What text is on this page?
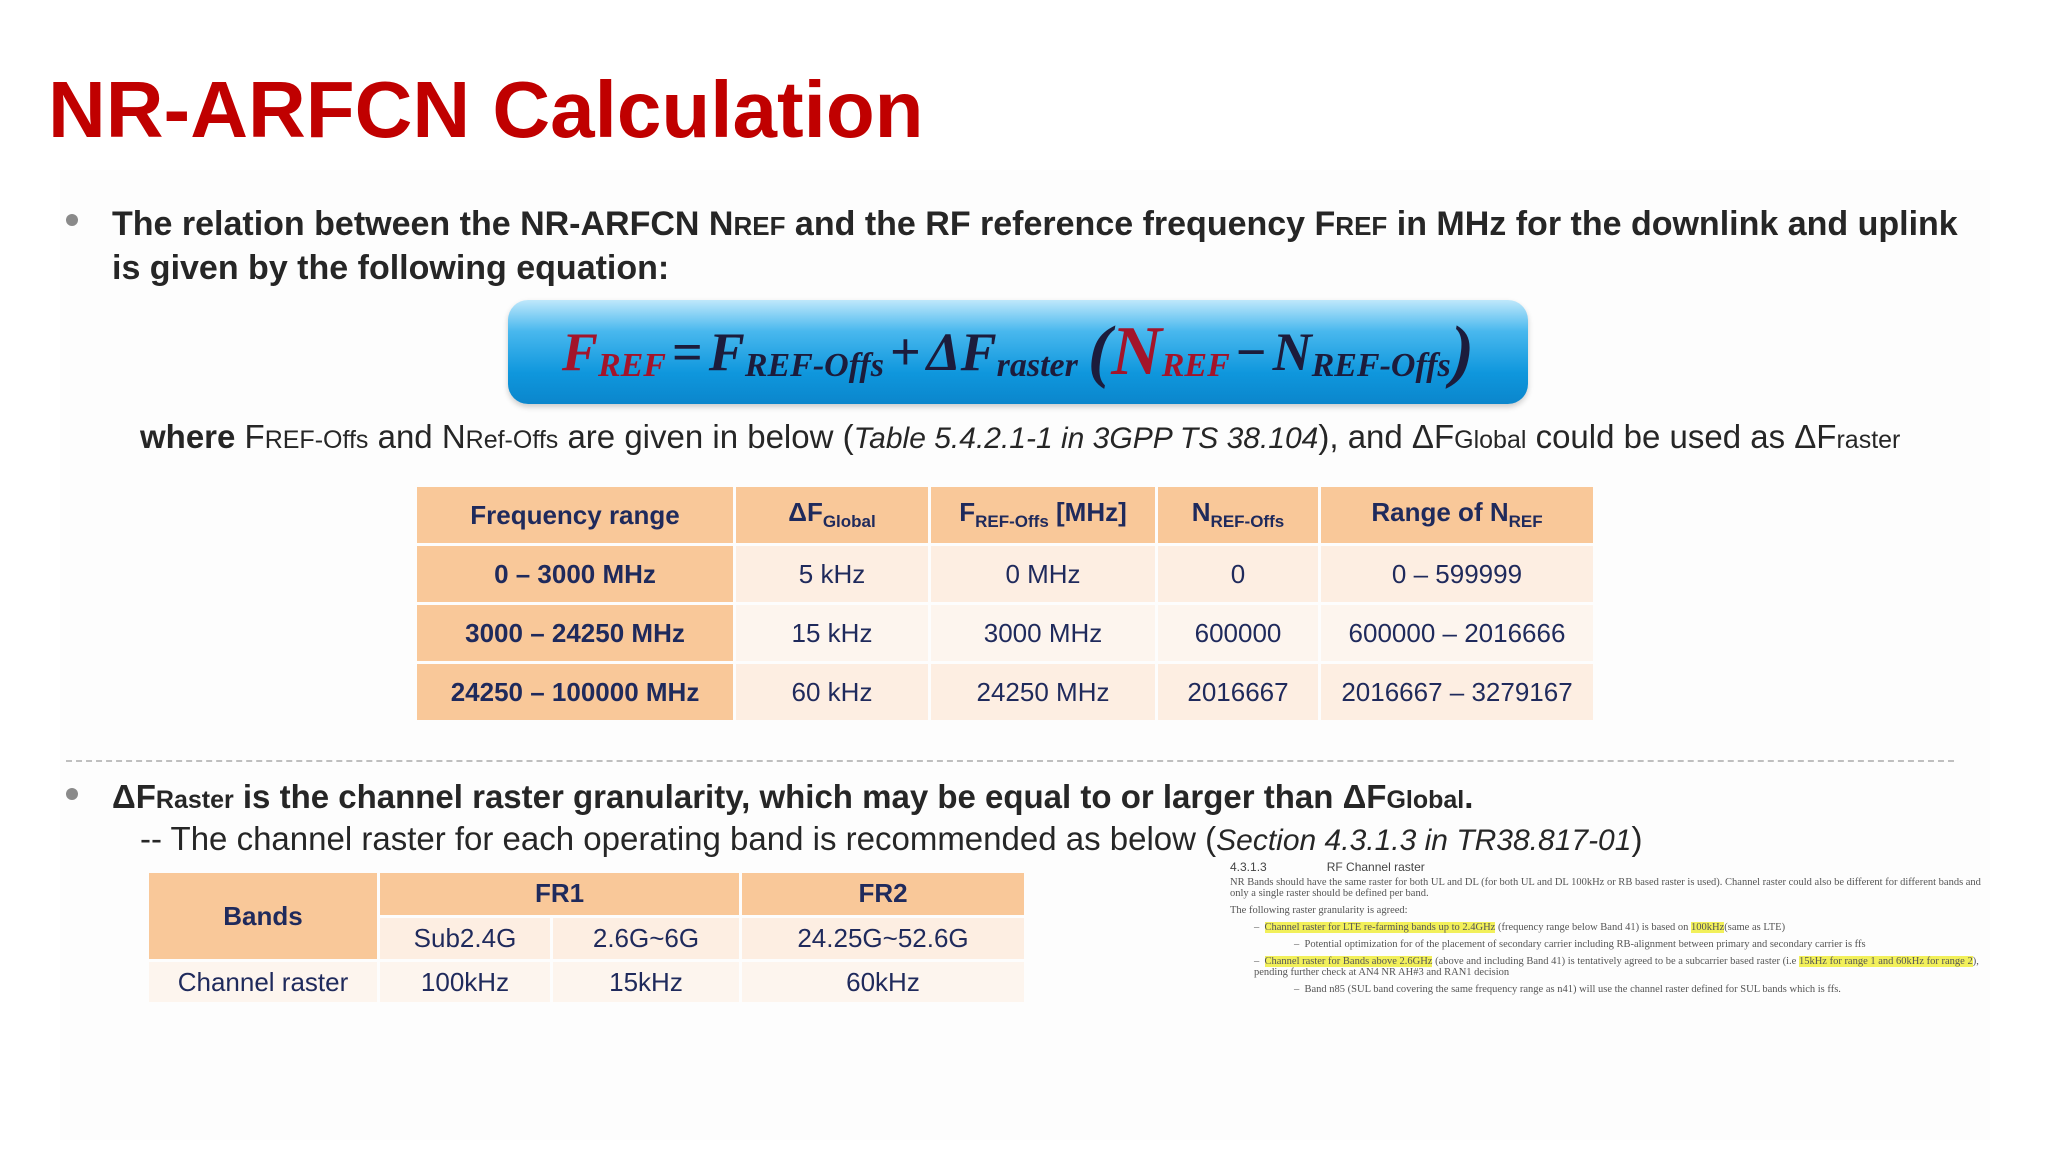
NR-ARFCN Calculation
The relation between the NR-ARFCN NREF and the RF reference frequency FREF in MHz for the downlink and uplink
is given by the following equation:
F REF = F REF-Offs + ΔF raster ( N REF − N REF-Offs )
where FREF-Offs and NRef-Offs are given in below (Table 5.4.2.1-1 in 3GPP TS 38.104), and ΔFGlobal could be used as ΔFraster
Frequency range	$\Delta F_{Global}$	$F_{REF-Offs}$ [MHz]	$N_{REF-Offs}$	Range of $N_{REF}$
0 – 3000 MHz	5 kHz	0 MHz	0	0 – 599999
3000 – 24250 MHz	15 kHz	3000 MHz	600000	600000 – 2016666
24250 – 100000 MHz	60 kHz	24250 MHz	2016667	2016667 – 3279167
ΔFRaster is the channel raster granularity, which may be equal to or larger than ΔFGlobal.
-- The channel raster for each operating band is recommended as below (Section 4.3.1.3 in TR38.817-01)
Bands	FR1		FR2
	Sub2.4G	2.6G~6G	24.25G~52.6G
Channel raster	100kHz	15kHz	60kHz
4.3.1.3	RF Channel raster
NR Bands should have the same raster for both UL and DL (for both UL and DL 100kHz or RB based raster is used). Channel raster could also be different for different bands and only a single raster should be defined per band.
The following raster granularity is agreed:
–  Channel raster for LTE re-farming bands up to 2.4GHz (frequency range below Band 41) is based on 100kHz(same as LTE)
–  Potential optimization for of the placement of secondary carrier including RB-alignment between primary and secondary carrier is ffs
–  Channel raster for Bands above 2.6GHz (above and including Band 41) is tentatively agreed to be a subcarrier based raster (i.e 15kHz for range 1 and 60kHz for range 2), pending further check at AN4 NR AH#3 and RAN1 decision
–  Band n85 (SUL band covering the same frequency range as n41) will use the channel raster defined for SUL bands which is ffs.
